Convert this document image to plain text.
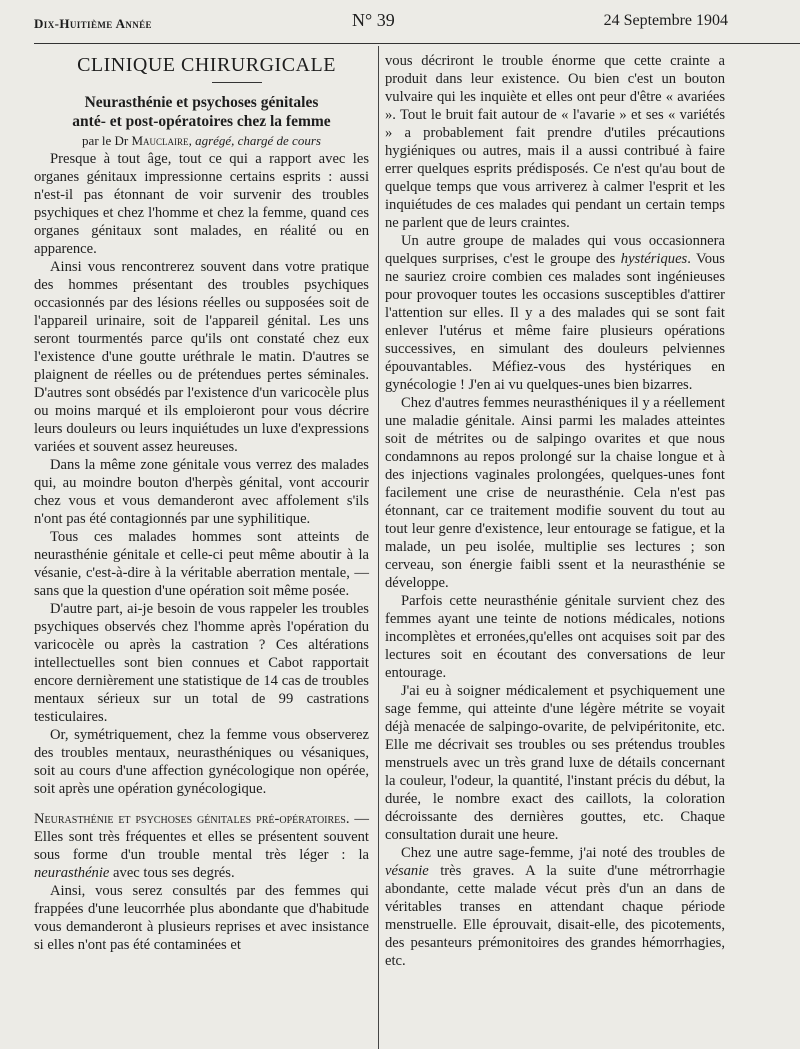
Dix-Huitième Année	N° 39	24 Septembre 1904

CLINIQUE CHIRURGICALE

Neurasthénie et psychoses génitales

anté- et post-opératoires chez la femme

par le Dr Mauclaire, agrégé, chargé de cours

Presque à tout âge, tout ce qui a rapport avec les organes génitaux impressionne certains esprits : aussi n'est-il pas étonnant de voir survenir des troubles psychiques et chez l'homme et chez la femme, quand ces organes génitaux sont malades, en réalité ou en apparence.

Ainsi vous rencontrerez souvent dans votre pratique des hommes présentant des troubles psychiques occasionnés par des lésions réelles ou supposées soit de l'appareil urinaire, soit de l'appareil génital. Les uns seront tourmentés parce qu'ils ont constaté chez eux l'existence d'une goutte uréthrale le matin. D'autres se plaignent de réelles ou de prétendues pertes séminales. D'autres sont obsédés par l'existence d'un varicocèle plus ou moins marqué et ils emploieront pour vous décrire leurs douleurs ou leurs inquiétudes un luxe d'expressions variées et souvent assez heureuses.

Dans la même zone génitale vous verrez des malades qui, au moindre bouton d'herpès génital, vont accourir chez vous et vous demanderont avec affolement s'ils n'ont pas été contagionnés par une syphilitique.

Tous ces malades hommes sont atteints de neurasthénie génitale et celle-ci peut même aboutir à la vésanie, c'est-à-dire à la véritable aberration mentale, — sans que la question d'une opération soit même posée.

D'autre part, ai-je besoin de vous rappeler les troubles psychiques observés chez l'homme après l'opération du varicocèle ou après la castration ? Ces altérations intellectuelles sont bien connues et Cabot rapportait encore dernièrement une statistique de 14 cas de troubles mentaux sérieux sur un total de 99 castrations testiculaires.

Or, symétriquement, chez la femme vous observerez des troubles mentaux, neurasthéniques ou vésaniques, soit au cours d'une affection gynécologique non opérée, soit après une opération gynécologique.

Neurasthénie et psychoses génitales pré-opératoires. — Elles sont très fréquentes et elles se présentent souvent sous forme d'un trouble mental très léger : la neurasthénie avec tous ses degrés.

Ainsi, vous serez consultés par des femmes qui frappées d'une leucorrhée plus abondante que d'habitude vous demanderont à plusieurs reprises et avec insistance si elles n'ont pas été contaminées et

vous décriront le trouble énorme que cette crainte a produit dans leur existence. Ou bien c'est un bouton vulvaire qui les inquiète et elles ont peur d'être « avariées ». Tout le bruit fait autour de « l'avarie » et ses « variétés » a probablement fait prendre d'utiles précautions hygiéniques ou autres, mais il a aussi contribué à faire errer quelques esprits prédisposés. Ce n'est qu'au bout de quelque temps que vous arriverez à calmer l'esprit et les inquiétudes de ces malades qui pendant un certain temps ne parlent que de leurs craintes.

Un autre groupe de malades qui vous occasionnera quelques surprises, c'est le groupe des hystériques. Vous ne sauriez croire combien ces malades sont ingénieuses pour provoquer toutes les occasions susceptibles d'attirer l'attention sur elles. Il y a des malades qui se sont fait enlever l'utérus et même faire plusieurs opérations successives, en simulant des douleurs pelviennes épouvantables. Méfiez-vous des hystériques en gynécologie ! J'en ai vu quelques-unes bien bizarres.

Chez d'autres femmes neurasthéniques il y a réellement une maladie génitale. Ainsi parmi les malades atteintes soit de métrites ou de salpingo ovarites et que nous condamnons au repos prolongé sur la chaise longue et à des injections vaginales prolongées, quelques-unes font facilement une crise de neurasthénie. Cela n'est pas étonnant, car ce traitement modifie souvent du tout au tout leur genre d'existence, leur entourage se fatigue, et la malade, un peu isolée, multiplie ses lectures ; son cerveau, son énergie faibli ssent et la neurasthénie se développe.

Parfois cette neurasthénie génitale survient chez des femmes ayant une teinte de notions médicales, notions incomplètes et erronées,qu'elles ont acquises soit par des lectures soit en écoutant des conversations de leur entourage.

J'ai eu à soigner médicalement et psychiquement une sage femme, qui atteinte d'une légère métrite se voyait déjà menacée de salpingo-ovarite, de pelvipéritonite, etc. Elle me décrivait ses troubles ou ses prétendus troubles menstruels avec un très grand luxe de détails concernant la couleur, l'odeur, la quantité, l'instant précis du début, la durée, le nombre exact des caillots, la coloration décroissante des dernières gouttes, etc. Chaque consultation durait une heure.

Chez une autre sage-femme, j'ai noté des troubles de vésanie très graves. A la suite d'une métrorrhagie abondante, cette malade vécut près d'un an dans de véritables transes en attendant chaque période menstruelle. Elle éprouvait, disait-elle, des picotements, des pesanteurs prémonitoires des grandes hémorrhagies, etc.
